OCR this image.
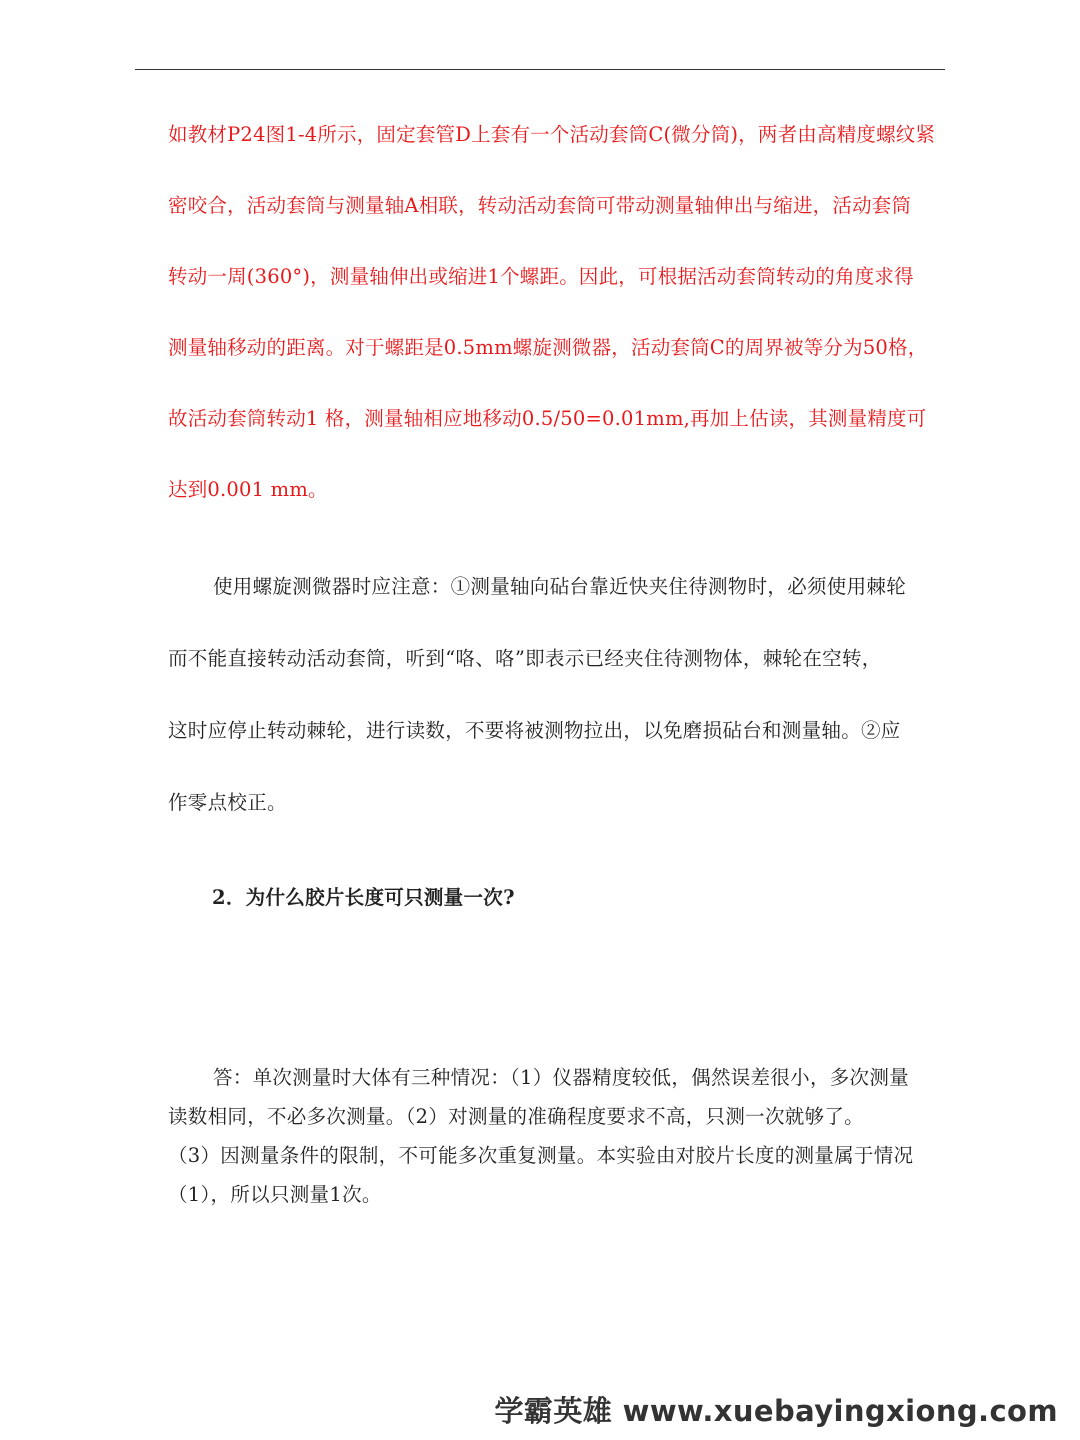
如教材P24图1-4所示，固定套管D上套有一个活动套筒C(微分筒)，两者由高精度螺纹紧
密咬合，活动套筒与测量轴A相联，转动活动套筒可带动测量轴伸出与缩进，活动套筒
转动一周(360°)，测量轴伸出或缩进1个螺距。因此，可根据活动套筒转动的角度求得
测量轴移动的距离。对于螺距是0.5mm螺旋测微器，活动套筒C的周界被等分为50格，
故活动套筒转动1 格，测量轴相应地移动0.5/50=0.01mm,再加上估读，其测量精度可
达到0.001 mm。
使用螺旋测微器时应注意：①测量轴向砧台靠近快夹住待测物时，必须使用棘轮
而不能直接转动活动套筒，听到“咯、咯”即表示已经夹住待测物体，棘轮在空转，
这时应停止转动棘轮，进行读数，不要将被测物拉出，以免磨损砧台和测量轴。②应
作零点校正。
2．为什么胶片长度可只测量一次?
答：单次测量时大体有三种情况：（1）仪器精度较低，偶然误差很小，多次测量
读数相同，不必多次测量。（2）对测量的准确程度要求不高，只测一次就够了。
（3）因测量条件的限制，不可能多次重复测量。本实验由对胶片长度的测量属于情况
（1），所以只测量1次。
学霸英雄 www.xuebayingxiong.com
